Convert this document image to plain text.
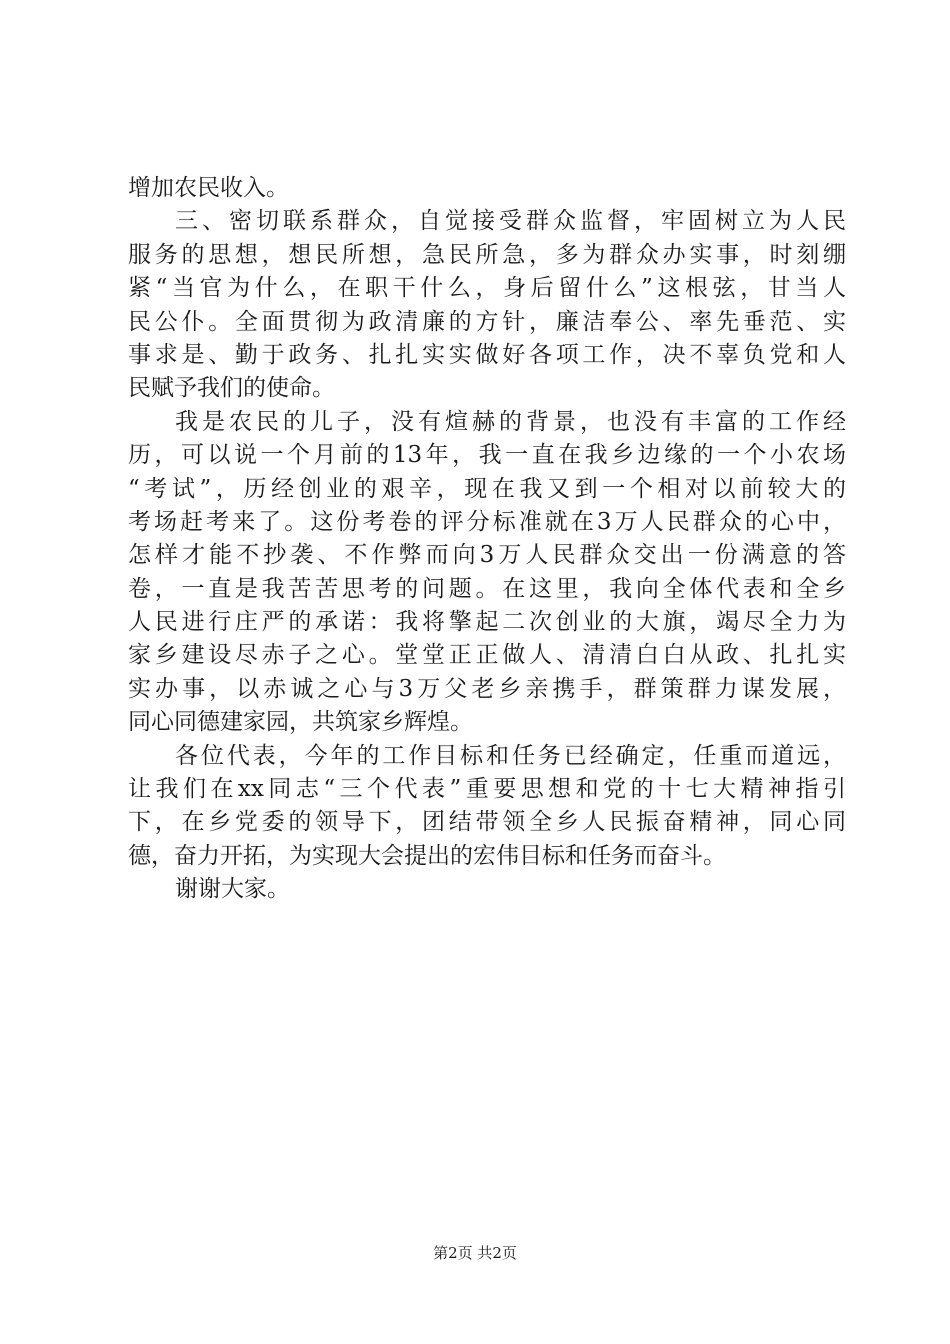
增加农民收入。
三、密切联系群众，自觉接受群众监督，牢固树立为人民
服务的思想，想民所想，急民所急，多为群众办实事，时刻绷
紧“当官为什么，在职干什么，身后留什么”这根弦，甘当人
民公仆。全面贯彻为政清廉的方针，廉洁奉公、率先垂范、实
事求是、勤于政务、扎扎实实做好各项工作，决不辜负党和人
民赋予我们的使命。
我是农民的儿子，没有煊赫的背景，也没有丰富的工作经
历，可以说一个月前的13年，我一直在我乡边缘的一个小农场
“考试”，历经创业的艰辛，现在我又到一个相对以前较大的
考场赶考来了。这份考卷的评分标准就在3万人民群众的心中，
怎样才能不抄袭、不作弊而向3万人民群众交出一份满意的答
卷，一直是我苦苦思考的问题。在这里，我向全体代表和全乡
人民进行庄严的承诺：我将擎起二次创业的大旗，竭尽全力为
家乡建设尽赤子之心。堂堂正正做人、清清白白从政、扎扎实
实办事，以赤诚之心与3万父老乡亲携手，群策群力谋发展，
同心同德建家园，共筑家乡辉煌。
各位代表，今年的工作目标和任务已经确定，任重而道远，
让我们在xx同志“三个代表”重要思想和党的十七大精神指引
下，在乡党委的领导下，团结带领全乡人民振奋精神，同心同
德，奋力开拓，为实现大会提出的宏伟目标和任务而奋斗。
谢谢大家。
第2页 共2页
